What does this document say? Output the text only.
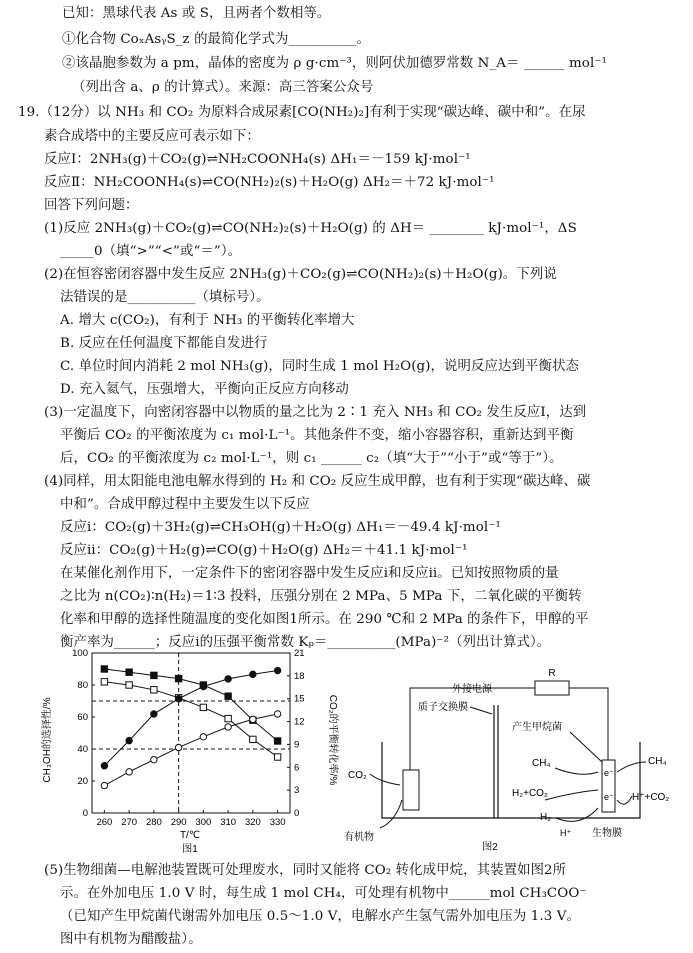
已知：黑球代表 As 或 S，且两者个数相等。
①化合物 CoₓAsᵧS_z 的最简化学式为__________。
②该晶胞参数为 a pm，晶体的密度为 ρ g·cm⁻³，则阿伏加德罗常数 N_A＝ ______ mol⁻¹
（列出含 a、ρ 的计算式）。来源：高三答案公众号
19.（12分）以 NH₃ 和 CO₂ 为原料合成尿素[CO(NH₂)₂]有利于实现“碳达峰、碳中和”。在尿
素合成塔中的主要反应可表示如下：
反应Ⅰ：2NH₃(g)＋CO₂(g)⇌NH₂COONH₄(s) ΔH₁＝－159 kJ·mol⁻¹
反应Ⅱ：NH₂COONH₄(s)⇌CO(NH₂)₂(s)＋H₂O(g) ΔH₂＝＋72 kJ·mol⁻¹
回答下列问题：
(1)反应 2NH₃(g)＋CO₂(g)⇌CO(NH₂)₂(s)＋H₂O(g) 的 ΔH＝ ________ kJ·mol⁻¹，ΔS
_____0（填“>”“<”或“＝”）。
(2)在恒容密闭容器中发生反应 2NH₃(g)＋CO₂(g)⇌CO(NH₂)₂(s)＋H₂O(g)。下列说
法错误的是__________（填标号）。
A. 增大 c(CO₂)，有利于 NH₃ 的平衡转化率增大
B. 反应在任何温度下都能自发进行
C. 单位时间内消耗 2 mol NH₃(g)，同时生成 1 mol H₂O(g)，说明反应达到平衡状态
D. 充入氦气，压强增大，平衡向正反应方向移动
(3)一定温度下，向密闭容器中以物质的量之比为 2∶1 充入 NH₃ 和 CO₂ 发生反应Ⅰ，达到
平衡后 CO₂ 的平衡浓度为 c₁ mol·L⁻¹。其他条件不变，缩小容器容积，重新达到平衡
后，CO₂ 的平衡浓度为 c₂ mol·L⁻¹，则 c₁ ______ c₂（填“大于”“小于”或“等于”）。
(4)同样，用太阳能电池电解水得到的 H₂ 和 CO₂ 反应生成甲醇，也有利于实现“碳达峰、碳
中和”。合成甲醇过程中主要发生以下反应
反应ⅰ：CO₂(g)＋3H₂(g)⇌CH₃OH(g)＋H₂O(g) ΔH₁＝－49.4 kJ·mol⁻¹
反应ⅱ：CO₂(g)＋H₂(g)⇌CO(g)＋H₂O(g) ΔH₂＝＋41.1 kJ·mol⁻¹
在某催化剂作用下，一定条件下的密闭容器中发生反应ⅰ和反应ⅱ。已知按照物质的量
之比为 n(CO₂)∶n(H₂)＝1∶3 投料，压强分别在 2 MPa、5 MPa 下，二氧化碳的平衡转
化率和甲醇的选择性随温度的变化如图1所示。在 290 ℃和 2 MPa 的条件下，甲醇的平
衡产率为______；反应ⅰ的压强平衡常数 Kₚ＝__________(MPa)⁻²（列出计算式）。
(5)生物细菌—电解池装置既可处理废水，同时又能将 CO₂ 转化成甲烷，其装置如图2所
示。在外加电压 1.0 V 时，每生成 1 mol CH₄，可处理有机物中______mol CH₃COO⁻
（已知产生甲烷菌代谢需外加电压 0.5～1.0 V，电解水产生氢气需外加电压为 1.3 V。
图中有机物为醋酸盐）。
260 270 280 290 300 310 320 330
0
20
40
60
80
100
0
3
6
9
12
15
18
21
T/℃
图1
CH₃OH的选择性/%	CO₂的平衡转化率/%
外接电源
R
质子交换膜
产生甲烷菌
CO₂
有机物
CH₄
H₂+CO₂
H₂
H⁺
e⁻
e⁻
CH₄
H⁺+CO₂
生物膜
图2
